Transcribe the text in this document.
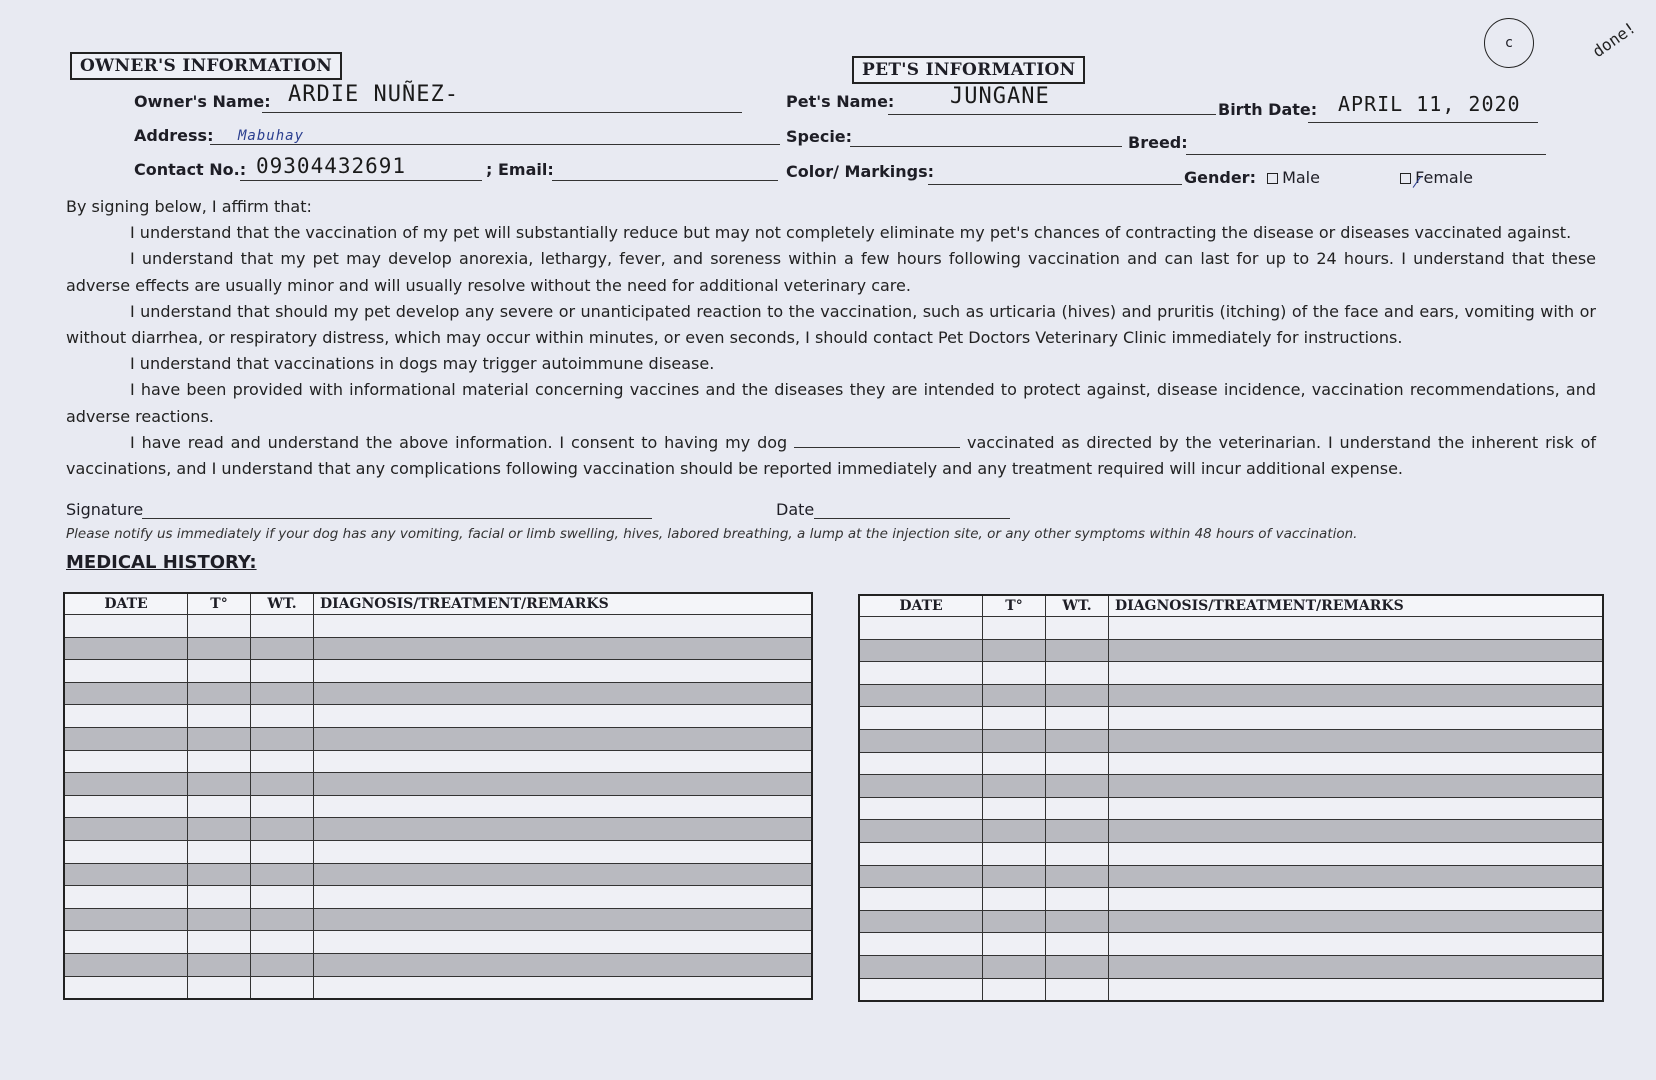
OWNER'S INFORMATION
Owner's Name: ARDIE NUÑEZ-
Address: Mabuhay
Contact No.: 09304432691	; Email:
PET'S INFORMATION
Pet's Name:	JUNGANE
Birth Date: APRIL 11, 2020
Specie:	Breed:
Color/ Markings:	Gender: Male	Female
c	done!

By signing below, I affirm that:

I understand that the vaccination of my pet will substantially reduce but may not completely eliminate my pet's chances of contracting the disease or diseases vaccinated against.

I understand that my pet may develop anorexia, lethargy, fever, and soreness within a few hours following vaccination and can last for up to 24 hours. I understand that these adverse effects are usually minor and will usually resolve without the need for additional veterinary care.

I understand that should my pet develop any severe or unanticipated reaction to the vaccination, such as urticaria (hives) and pruritis (itching) of the face and ears, vomiting with or without diarrhea, or respiratory distress, which may occur within minutes, or even seconds, I should contact Pet Doctors Veterinary Clinic immediately for instructions.

I understand that vaccinations in dogs may trigger autoimmune disease.

I have been provided with informational material concerning vaccines and the diseases they are intended to protect against, disease incidence, vaccination recommendations, and adverse reactions.

I have read and understand the above information. I consent to having my dog	vaccinated as directed by the veterinarian. I understand the inherent risk of vaccinations, and I understand that any complications following vaccination should be reported immediately and any treatment required will incur additional expense.

Signature	Date
Please notify us immediately if your dog has any vomiting, facial or limb swelling, hives, labored breathing, a lump at the injection site, or any other symptoms within 48 hours of vaccination.
MEDICAL HISTORY:
DATE	T°	WT.	DIAGNOSIS/TREATMENT/REMARKS

				DATE	T°	WT.	DIAGNOSIS/TREATMENT/REMARKS
